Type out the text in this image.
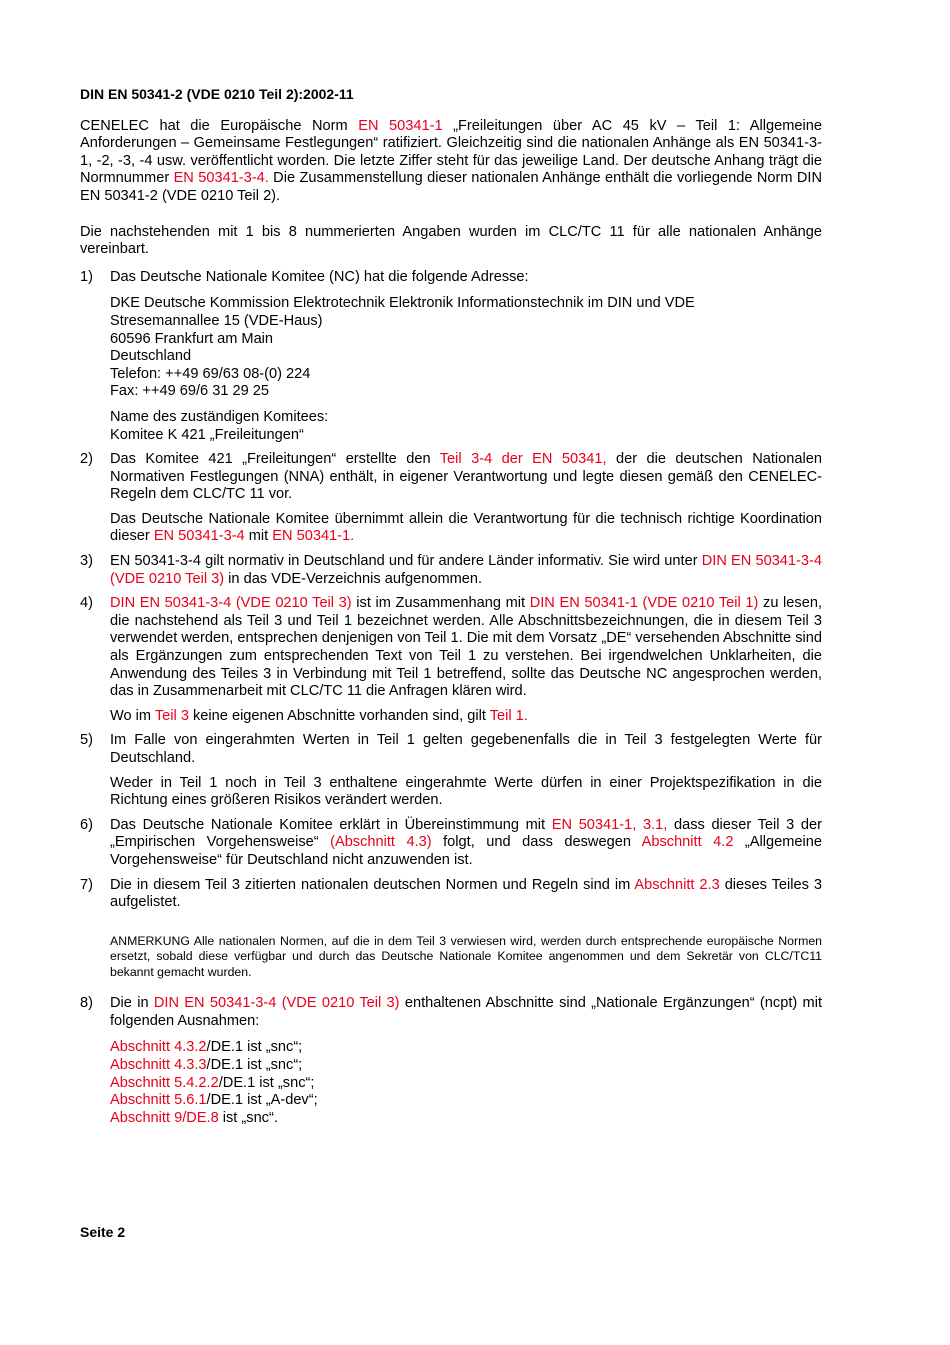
DIN EN 50341-2 (VDE 0210 Teil 2):2002-11

CENELEC hat die Europäische Norm EN 50341-1 „Freileitungen über AC 45 kV – Teil 1: Allgemeine Anforderungen – Gemeinsame Festlegungen“ ratifiziert. Gleichzeitig sind die nationalen Anhänge als EN 50341-3-1, -2, -3, -4 usw. veröffentlicht worden. Die letzte Ziffer steht für das jeweilige Land. Der deutsche Anhang trägt die Normnummer EN 50341-3-4. Die Zusammenstellung dieser nationalen Anhänge enthält die vorliegende Norm DIN EN 50341-2 (VDE 0210 Teil 2).

Die nachstehenden mit 1 bis 8 nummerierten Angaben wurden im CLC/TC 11 für alle nationalen Anhänge vereinbart.

1) Das Deutsche Nationale Komitee (NC) hat die folgende Adresse:

DKE Deutsche Kommission Elektrotechnik Elektronik Informationstechnik im DIN und VDE
Stresemannallee 15 (VDE-Haus)
60596 Frankfurt am Main
Deutschland
Telefon: ++49 69/63 08-(0) 224
Fax: ++49 69/6 31 29 25
Name des zuständigen Komitees:
Komitee K 421 „Freileitungen“
2) Das Komitee 421 „Freileitungen“ erstellte den Teil 3-4 der EN 50341, der die deutschen Nationalen Normativen Festlegungen (NNA) enthält, in eigener Verantwortung und legte diesen gemäß den CENELEC-Regeln dem CLC/TC 11 vor.

Das Deutsche Nationale Komitee übernimmt allein die Verantwortung für die technisch richtige Koordination dieser EN 50341-3-4 mit EN 50341-1.

3) EN 50341-3-4 gilt normativ in Deutschland und für andere Länder informativ. Sie wird unter DIN EN 50341-3-4 (VDE 0210 Teil 3) in das VDE-Verzeichnis aufgenommen.

4) DIN EN 50341-3-4 (VDE 0210 Teil 3) ist im Zusammenhang mit DIN EN 50341-1 (VDE 0210 Teil 1) zu lesen, die nachstehend als Teil 3 und Teil 1 bezeichnet werden. Alle Abschnittsbezeichnungen, die in diesem Teil 3 verwendet werden, entsprechen denjenigen von Teil 1. Die mit dem Vorsatz „DE“ versehenden Abschnitte sind als Ergänzungen zum entsprechenden Text von Teil 1 zu verstehen. Bei irgendwelchen Unklarheiten, die Anwendung des Teiles 3 in Verbindung mit Teil 1 betreffend, sollte das Deutsche NC angesprochen werden, das in Zusammenarbeit mit CLC/TC 11 die Anfragen klären wird.

Wo im Teil 3 keine eigenen Abschnitte vorhanden sind, gilt Teil 1.

5) Im Falle von eingerahmten Werten in Teil 1 gelten gegebenenfalls die in Teil 3 festgelegten Werte für Deutschland.

Weder in Teil 1 noch in Teil 3 enthaltene eingerahmte Werte dürfen in einer Projektspezifikation in die Richtung eines größeren Risikos verändert werden.

6) Das Deutsche Nationale Komitee erklärt in Übereinstimmung mit EN 50341-1, 3.1, dass dieser Teil 3 der „Empirischen Vorgehensweise“ (Abschnitt 4.3) folgt, und dass deswegen Abschnitt 4.2 „Allgemeine Vorgehensweise“ für Deutschland nicht anzuwenden ist.

7) Die in diesem Teil 3 zitierten nationalen deutschen Normen und Regeln sind im Abschnitt 2.3 dieses Teiles 3 aufgelistet.

ANMERKUNG Alle nationalen Normen, auf die in dem Teil 3 verwiesen wird, werden durch entsprechende europäische Normen ersetzt, sobald diese verfügbar und durch das Deutsche Nationale Komitee angenommen und dem Sekretär von CLC/TC11 bekannt gemacht wurden.
8) Die in DIN EN 50341-3-4 (VDE 0210 Teil 3) enthaltenen Abschnitte sind „Nationale Ergänzungen“ (ncpt) mit folgenden Ausnahmen:

Abschnitt 4.3.2/DE.1 ist „snc“;
Abschnitt 4.3.3/DE.1 ist „snc“;
Abschnitt 5.4.2.2/DE.1 ist „snc“;
Abschnitt 5.6.1/DE.1 ist „A-dev“;
Abschnitt 9/DE.8 ist „snc“.
Seite 2
